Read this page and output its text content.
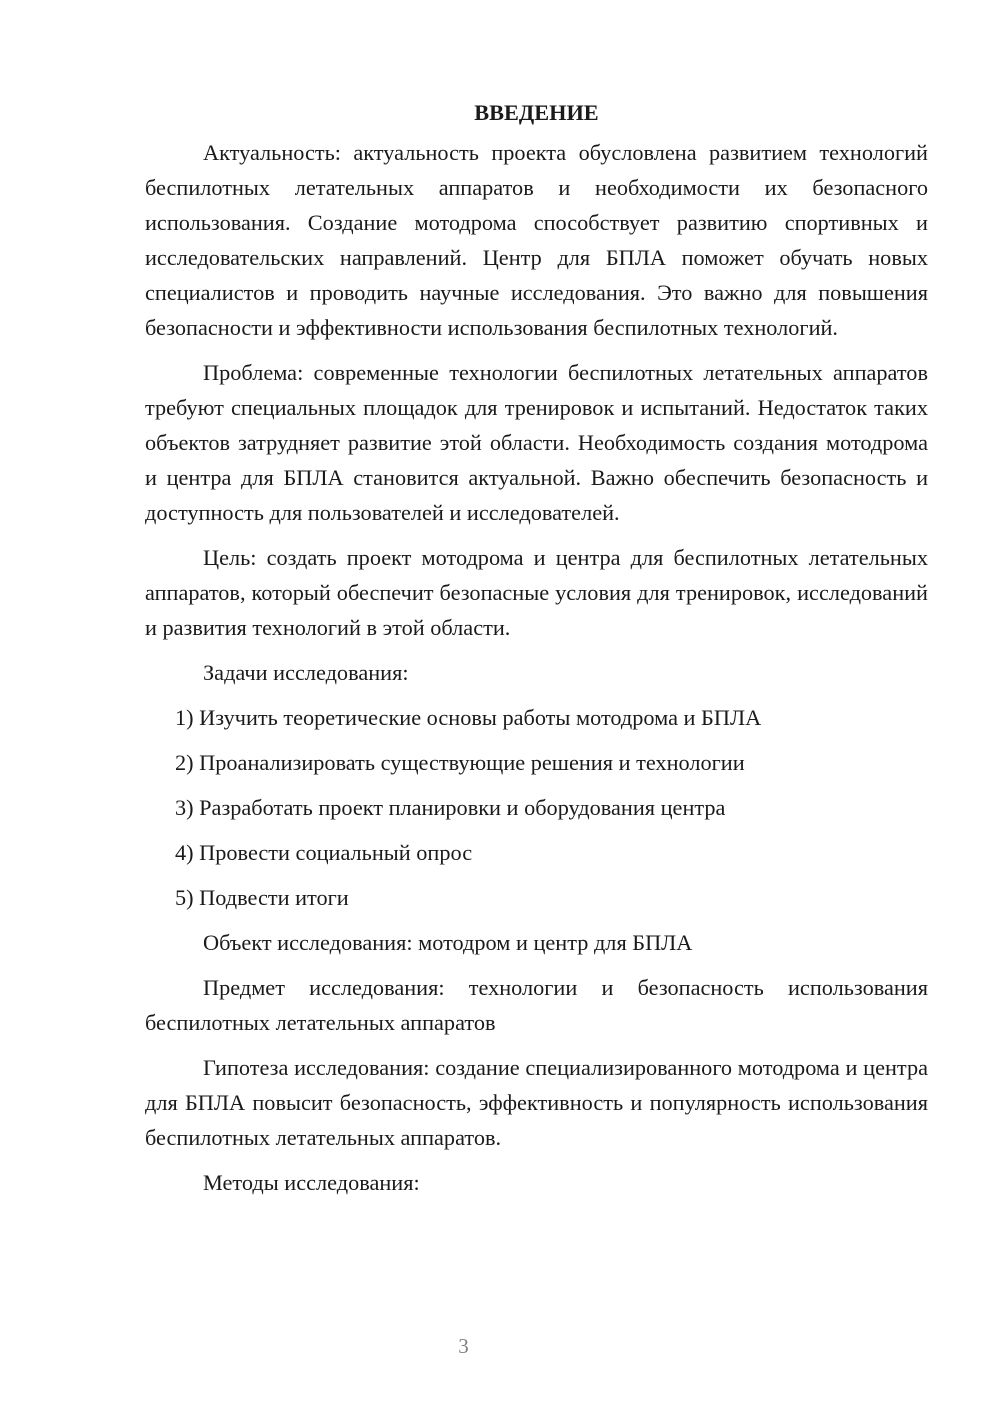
ВВЕДЕНИЕ

Актуальность: актуальность проекта обусловлена развитием технологий беспилотных летательных аппаратов и необходимости их безопасного использования. Создание мотодрома способствует развитию спортивных и исследовательских направлений. Центр для БПЛА поможет обучать новых специалистов и проводить научные исследования. Это важно для повышения безопасности и эффективности использования беспилотных технологий.

Проблема: современные технологии беспилотных летательных аппаратов требуют специальных площадок для тренировок и испытаний. Недостаток таких объектов затрудняет развитие этой области. Необходимость создания мотодрома и центра для БПЛА становится актуальной. Важно обеспечить безопасность и доступность для пользователей и исследователей.

Цель: создать проект мотодрома и центра для беспилотных летательных аппаратов, который обеспечит безопасные условия для тренировок, исследований и развития технологий в этой области.

Задачи исследования:

1) Изучить теоретические основы работы мотодрома и БПЛА
2) Проанализировать существующие решения и технологии
3) Разработать проект планировки и оборудования центра
4) Провести социальный опрос
5) Подвести итоги

Объект исследования: мотодром и центр для БПЛА

Предмет исследования: технологии и безопасность использования беспилотных летательных аппаратов

Гипотеза исследования: создание специализированного мотодрома и центра для БПЛА повысит безопасность, эффективность и популярность использования беспилотных летательных аппаратов.

Методы исследования:

3
